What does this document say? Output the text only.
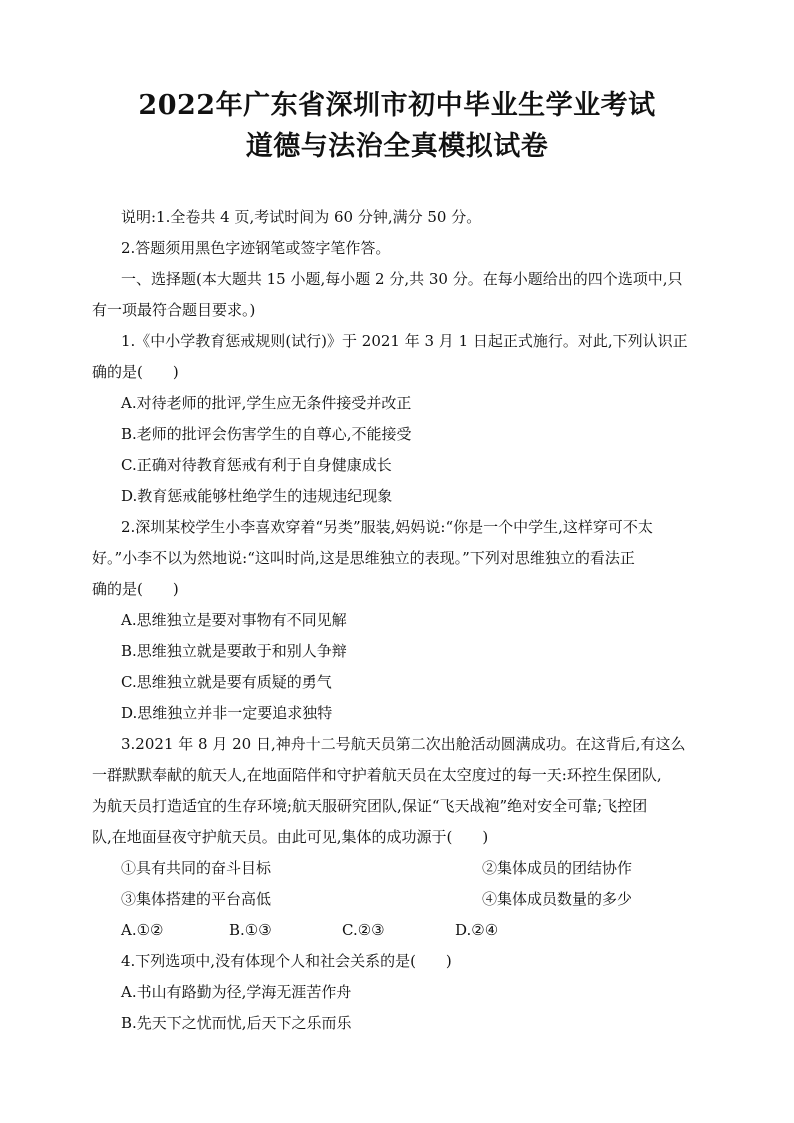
2022年广东省深圳市初中毕业生学业考试
道德与法治全真模拟试卷
说明:1.全卷共 4 页,考试时间为 60 分钟,满分 50 分。
2.答题须用黑色字迹钢笔或签字笔作答。
一、选择题(本大题共 15 小题,每小题 2 分,共 30 分。在每小题给出的四个选项中,只
有一项最符合题目要求。)
1.《中小学教育惩戒规则(试行)》于 2021 年 3 月 1 日起正式施行。对此,下列认识正
确的是(　　)
A.对待老师的批评,学生应无条件接受并改正
B.老师的批评会伤害学生的自尊心,不能接受
C.正确对待教育惩戒有利于自身健康成长
D.教育惩戒能够杜绝学生的违规违纪现象
2.深圳某校学生小李喜欢穿着“另类”服装,妈妈说:“你是一个中学生,这样穿可不太
好。”小李不以为然地说:“这叫时尚,这是思维独立的表现。”下列对思维独立的看法正
确的是(　　)
A.思维独立是要对事物有不同见解
B.思维独立就是要敢于和别人争辩
C.思维独立就是要有质疑的勇气
D.思维独立并非一定要追求独特
3.2021 年 8 月 20 日,神舟十二号航天员第二次出舱活动圆满成功。在这背后,有这么
一群默默奉献的航天人,在地面陪伴和守护着航天员在太空度过的每一天:环控生保团队,
为航天员打造适宜的生存环境;航天服研究团队,保证“飞天战袍”绝对安全可靠;飞控团
队,在地面昼夜守护航天员。由此可见,集体的成功源于(　　)
①具有共同的奋斗目标	②集体成员的团结协作
③集体搭建的平台高低	④集体成员数量的多少
A.①②	B.①③	C.②③	D.②④
4.下列选项中,没有体现个人和社会关系的是(　　)
A.书山有路勤为径,学海无涯苦作舟
B.先天下之忧而忧,后天下之乐而乐
